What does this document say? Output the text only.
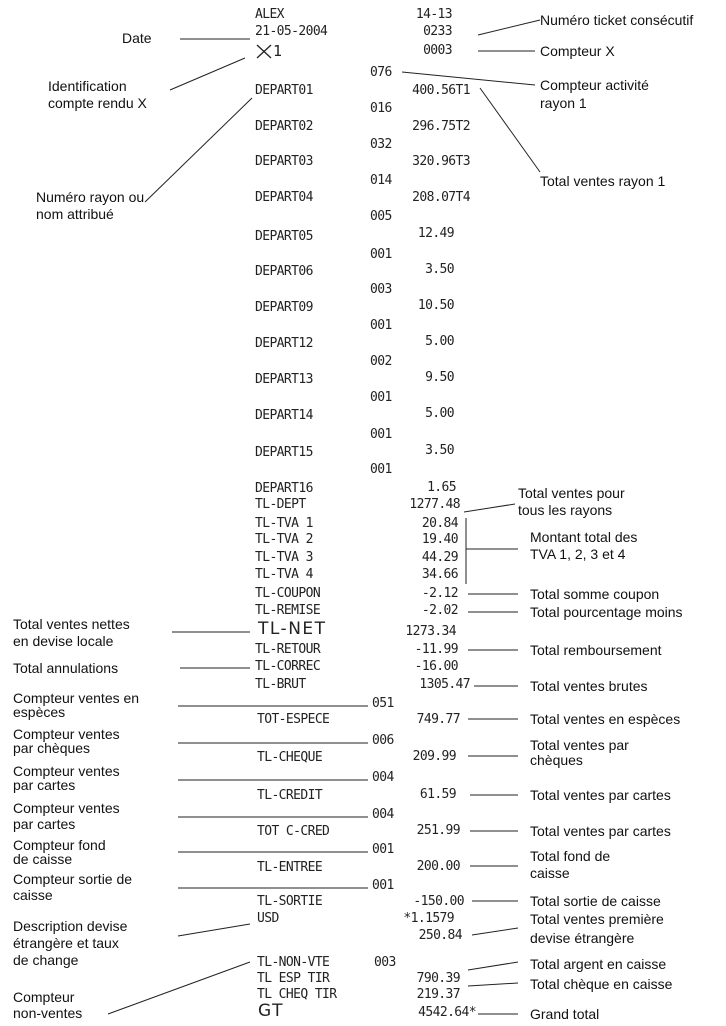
ALEX	14-13
21-05-2004	0233
1	0003
076
DEPART01	400.56T1
016
DEPART02	296.75T2
032
DEPART03	320.96T3
014
DEPART04	208.07T4
005
DEPART05	12.49
001
DEPART06	3.50
003
DEPART09	10.50
001
DEPART12	5.00
002
DEPART13	9.50
001
DEPART14	5.00
001
DEPART15	3.50
001
DEPART16	1.65
TL-DEPT	1277.48
TL-TVA 1	20.84
TL-TVA 2	19.40
TL-TVA 3	44.29
TL-TVA 4	34.66
TL-COUPON	-2.12
TL-REMISE	-2.02
TL-NET	1273.34
TL-RETOUR	-11.99
TL-CORREC	-16.00
TL-BRUT	1305.47
051
TOT-ESPECE	749.77
006
TL-CHEQUE	209.99
004
TL-CREDIT	61.59
004
TOT C-CRED	251.99
001
TL-ENTREE	200.00
001
TL-SORTIE	-150.00
USD	*1.1579
250.84
TL-NON-VTE	003
TL ESP TIR	790.39
TL CHEQ TIR	219.37
GT	4542.64*
Date
Identification
compte rendu X
Numéro rayon ou
nom attribué
Total ventes nettes
en devise locale
Total annulations
Compteur ventes en
espèces
Compteur ventes
par chèques
Compteur ventes
par cartes
Compteur ventes
par cartes
Compteur fond
de caisse
Compteur sortie de
caisse
Description devise
étrangère et taux
de change
Compteur
non-ventes
Numéro ticket consécutif
Compteur X
Compteur activité
rayon 1
Total ventes rayon 1
Total ventes pour
tous les rayons
Montant total des
TVA 1, 2, 3 et 4
Total somme coupon
Total pourcentage moins
Total remboursement
Total ventes brutes
Total ventes en espèces
Total ventes par
chèques
Total ventes par cartes
Total ventes par cartes
Total fond de
caisse
Total sortie de caisse
Total ventes première
devise étrangère
Total argent en caisse
Total chèque en caisse
Grand total
